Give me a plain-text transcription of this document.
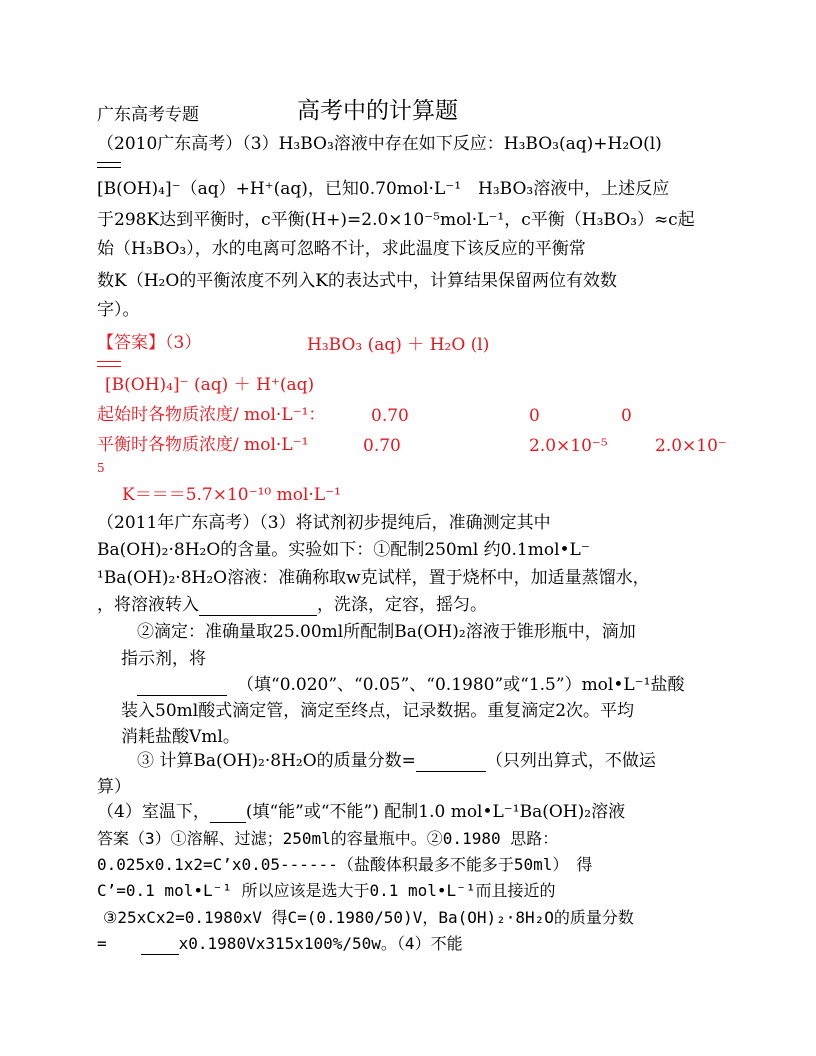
广东高考专题	高考中的计算题
（2010广东高考）（3）H₃BO₃溶液中存在如下反应：H₃BO₃(aq)+H₂O(l)
[B(OH)₄]⁻（aq）+H⁺(aq)，已知0.70mol·L⁻¹　H₃BO₃溶液中，上述反应
于298K达到平衡时，c平衡(H+)=2.0×10⁻⁵mol·L⁻¹，c平衡（H₃BO₃）≈c起
始（H₃BO₃），水的电离可忽略不计，求此温度下该反应的平衡常
数K（H₂O的平衡浓度不列入K的表达式中，计算结果保留两位有效数
字）。
【答案】（3）	H₃BO₃ (aq) ＋ H₂O (l)
[B(OH)₄]⁻ (aq) ＋ H⁺(aq)
起始时各物质浓度/ mol·L⁻¹：	0.70	0	0
平衡时各物质浓度/ mol·L⁻¹	0.70	2.0×10⁻⁵	2.0×10⁻
5
K＝＝＝5.7×10⁻¹⁰ mol·L⁻¹
（2011年广东高考）（3）将试剂初步提纯后，准确测定其中
Ba(OH)₂·8H₂O的含量。实验如下：①配制250ml 约0.1mol•L⁻
¹Ba(OH)₂·8H₂O溶液：准确称取w克试样，置于烧杯中，加适量蒸馏水，
，将溶液转入	，洗涤，定容，摇匀。
②滴定：准确量取25.00ml所配制Ba(OH)₂溶液于锥形瓶中，滴加
指示剂，将
（填“0.020”、“0.05”、“0.1980”或“1.5”）mol•L⁻¹盐酸
装入50ml酸式滴定管，滴定至终点，记录数据。重复滴定2次。平均
消耗盐酸Vml。
③ 计算Ba(OH)₂·8H₂O的质量分数=	（只列出算式，不做运
算）
（4）室温下， (填“能”或“不能”) 配制1.0 mol•L⁻¹Ba(OH)₂溶液
答案（3）①溶解、过滤；250ml的容量瓶中。②0.1980 思路：
0.025x0.1x2=C’x0.05------（盐酸体积最多不能多于50ml）　得
C’=0.1 mol•L⁻¹ 所以应该是选大于0.1 mol•L⁻¹而且接近的
③25xCx2=0.1980xV 得C=(0.1980/50)V，Ba(OH)₂·8H₂O的质量分数
=	x0.1980Vx315x100%/50w。（4）不能
